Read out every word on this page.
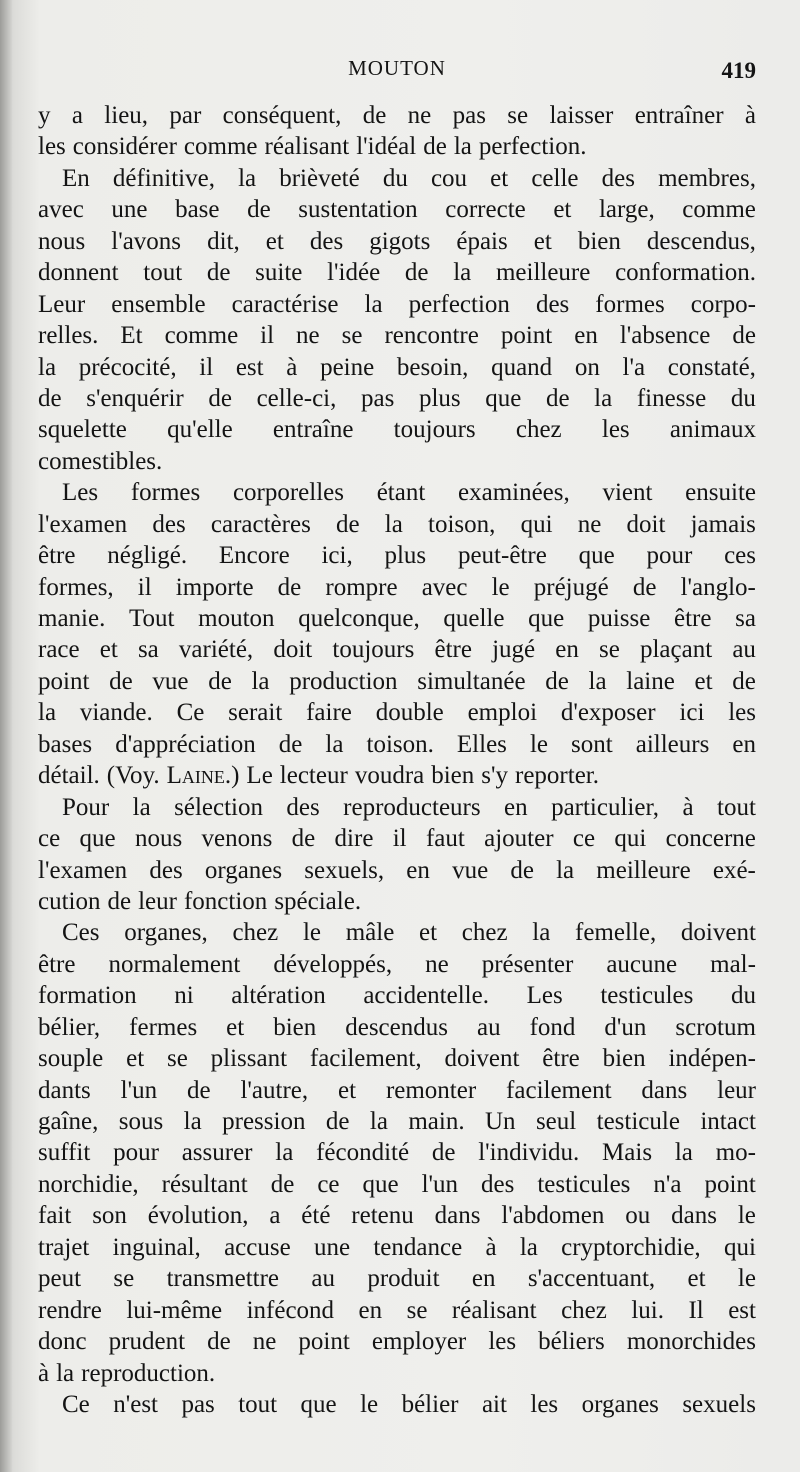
MOUTON	419
y a lieu, par conséquent, de ne pas se laisser entraîner à
les considérer comme réalisant l'idéal de la perfection.
En définitive, la brièveté du cou et celle des membres,
avec une base de sustentation correcte et large, comme
nous l'avons dit, et des gigots épais et bien descendus,
donnent tout de suite l'idée de la meilleure conformation.
Leur ensemble caractérise la perfection des formes corpo-
relles. Et comme il ne se rencontre point en l'absence de
la précocité, il est à peine besoin, quand on l'a constaté,
de s'enquérir de celle-ci, pas plus que de la finesse du
squelette qu'elle entraîne toujours chez les animaux
comestibles.
Les formes corporelles étant examinées, vient ensuite
l'examen des caractères de la toison, qui ne doit jamais
être négligé. Encore ici, plus peut-être que pour ces
formes, il importe de rompre avec le préjugé de l'anglo-
manie. Tout mouton quelconque, quelle que puisse être sa
race et sa variété, doit toujours être jugé en se plaçant au
point de vue de la production simultanée de la laine et de
la viande. Ce serait faire double emploi d'exposer ici les
bases d'appréciation de la toison. Elles le sont ailleurs en
détail. (Voy. Laine.) Le lecteur voudra bien s'y reporter.
Pour la sélection des reproducteurs en particulier, à tout
ce que nous venons de dire il faut ajouter ce qui concerne
l'examen des organes sexuels, en vue de la meilleure exé-
cution de leur fonction spéciale.
Ces organes, chez le mâle et chez la femelle, doivent
être normalement développés, ne présenter aucune mal-
formation ni altération accidentelle. Les testicules du
bélier, fermes et bien descendus au fond d'un scrotum
souple et se plissant facilement, doivent être bien indépen-
dants l'un de l'autre, et remonter facilement dans leur
gaîne, sous la pression de la main. Un seul testicule intact
suffit pour assurer la fécondité de l'individu. Mais la mo-
norchidie, résultant de ce que l'un des testicules n'a point
fait son évolution, a été retenu dans l'abdomen ou dans le
trajet inguinal, accuse une tendance à la cryptorchidie, qui
peut se transmettre au produit en s'accentuant, et le
rendre lui-même infécond en se réalisant chez lui. Il est
donc prudent de ne point employer les béliers monorchides
à la reproduction.
Ce n'est pas tout que le bélier ait les organes sexuels
